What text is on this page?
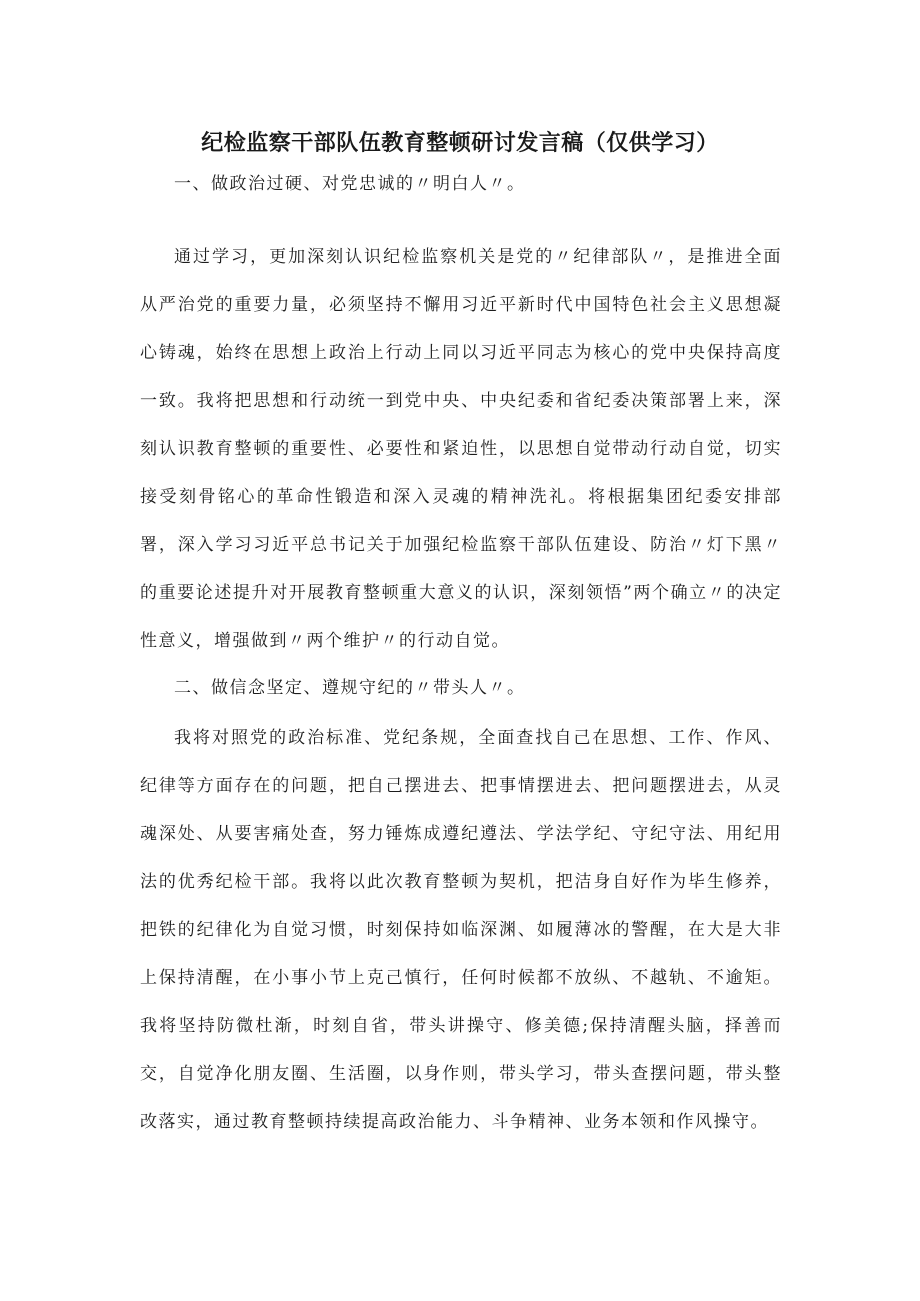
纪检监察干部队伍教育整顿研讨发言稿（仅供学习）

一、做政治过硬、对党忠诚的〃明白人〃。

通过学习，更加深刻认识纪检监察机关是党的〃纪律部队〃，是推进全面从严治党的重要力量，必须坚持不懈用习近平新时代中国特色社会主义思想凝心铸魂，始终在思想上政治上行动上同以习近平同志为核心的党中央保持高度一致。我将把思想和行动统一到党中央、中央纪委和省纪委决策部署上来，深刻认识教育整顿的重要性、必要性和紧迫性，以思想自觉带动行动自觉，切实接受刻骨铭心的革命性锻造和深入灵魂的精神洗礼。将根据集团纪委安排部署，深入学习习近平总书记关于加强纪检监察干部队伍建设、防治〃灯下黑〃的重要论述提升对开展教育整顿重大意义的认识，深刻领悟”两个确立〃的决定性意义，增强做到〃两个维护〃的行动自觉。

二、做信念坚定、遵规守纪的〃带头人〃。

我将对照党的政治标准、党纪条规，全面查找自己在思想、工作、作风、纪律等方面存在的问题，把自己摆进去、把事情摆进去、把问题摆进去，从灵魂深处、从要害痛处查，努力锤炼成遵纪遵法、学法学纪、守纪守法、用纪用法的优秀纪检干部。我将以此次教育整顿为契机，把洁身自好作为毕生修养，把铁的纪律化为自觉习惯，时刻保持如临深渊、如履薄冰的警醒，在大是大非上保持清醒，在小事小节上克己慎行，任何时候都不放纵、不越轨、不逾矩。我将坚持防微杜渐，时刻自省，带头讲操守、修美德;保持清醒头脑，择善而交，自觉净化朋友圈、生活圈，以身作则，带头学习，带头查摆问题，带头整改落实，通过教育整顿持续提高政治能力、斗争精神、业务本领和作风操守。
